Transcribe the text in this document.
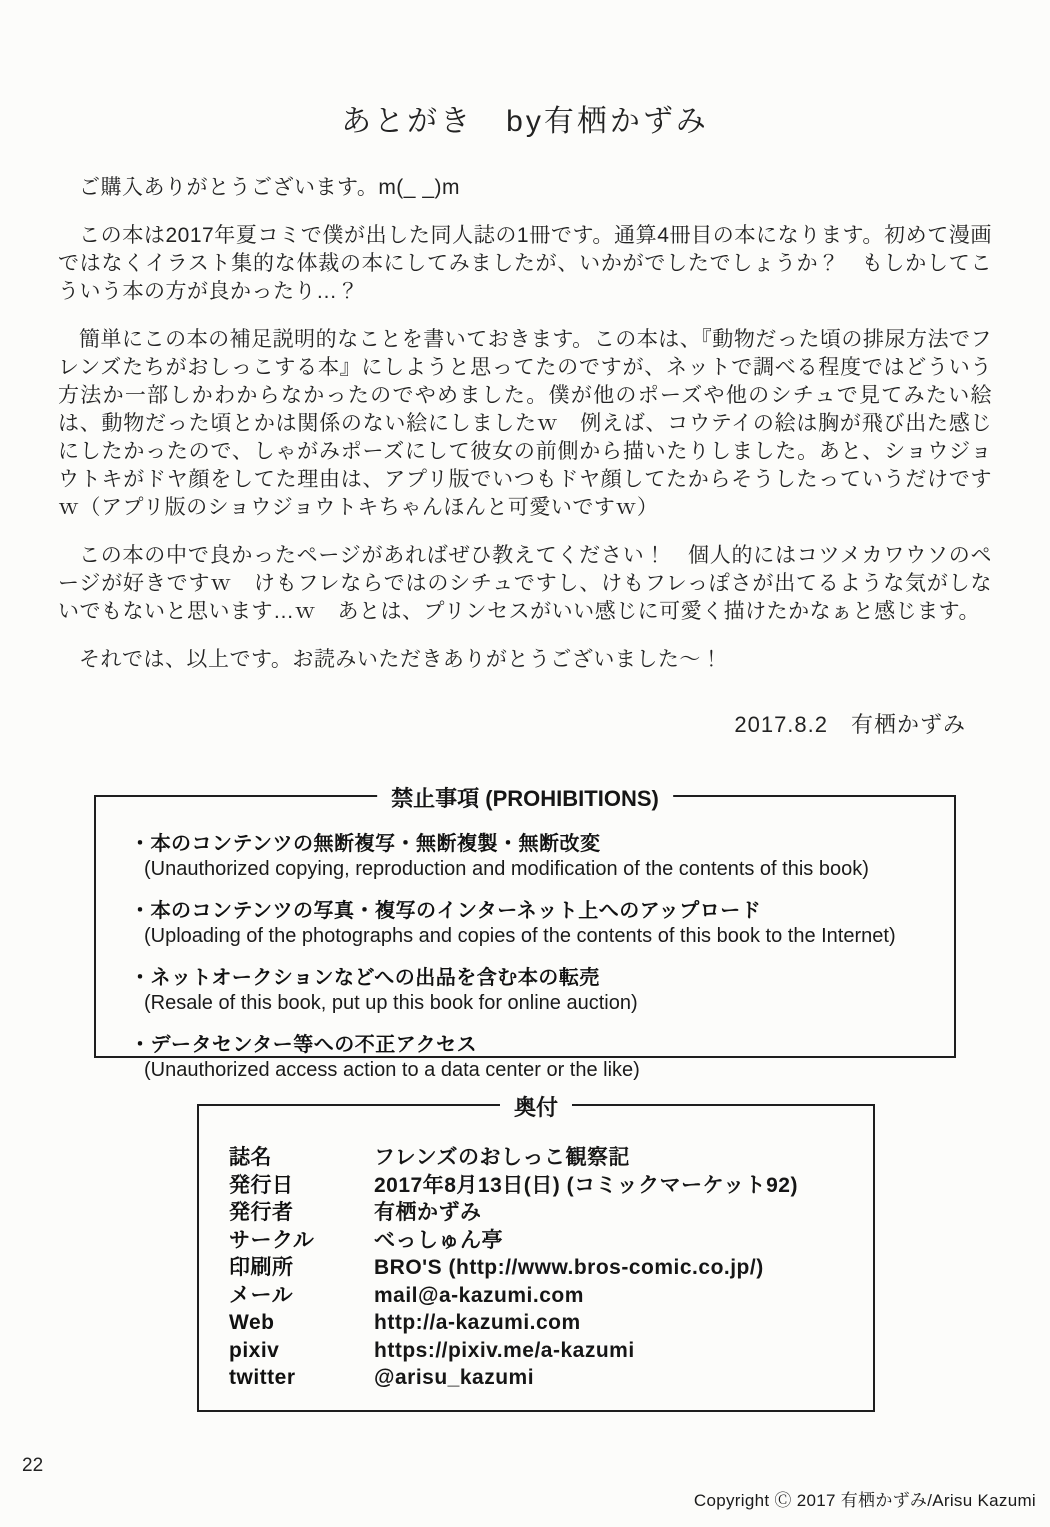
あとがき　by有栖かずみ

ご購入ありがとうございます。m(_ _)m

この本は2017年夏コミで僕が出した同人誌の1冊です。通算4冊目の本になります。初めて漫画ではなくイラスト集的な体裁の本にしてみましたが、いかがでしたでしょうか？　もしかしてこういう本の方が良かったり…？

簡単にこの本の補足説明的なことを書いておきます。この本は、『動物だった頃の排尿方法でフレンズたちがおしっこする本』にしようと思ってたのですが、ネットで調べる程度ではどういう方法か一部しかわからなかったのでやめました。僕が他のポーズや他のシチュで見てみたい絵は、動物だった頃とかは関係のない絵にしましたｗ　例えば、コウテイの絵は胸が飛び出た感じにしたかったので、しゃがみポーズにして彼女の前側から描いたりしました。あと、ショウジョウトキがドヤ顔をしてた理由は、アプリ版でいつもドヤ顔してたからそうしたっていうだけですｗ（アプリ版のショウジョウトキちゃんほんと可愛いですｗ）

この本の中で良かったページがあればぜひ教えてください！　個人的にはコツメカワウソのページが好きですｗ　けもフレならではのシチュですし、けもフレっぽさが出てるような気がしないでもないと思います…ｗ　あとは、プリンセスがいい感じに可愛く描けたかなぁと感じます。

それでは、以上です。お読みいただきありがとうございました～！

2017.8.2　有栖かずみ
禁止事項 (PROHIBITIONS)
・本のコンテンツの無断複写・無断複製・無断改変
(Unauthorized copying, reproduction and modification of the contents of this book)
・本のコンテンツの写真・複写のインターネット上へのアップロード
(Uploading of the photographs and copies of the contents of this book to the Internet)
・ネットオークションなどへの出品を含む本の転売
(Resale of this book, put up this book for online auction)
・データセンター等への不正アクセス
(Unauthorized access action to a data center or the like)
奥付
誌名	フレンズのおしっこ観察記
発行日	2017年8月13日(日) (コミックマーケット92)
発行者	有栖かずみ
サークル	べっしゅん亭
印刷所	BRO'S (http://www.bros-comic.co.jp/)
メール	mail@a-kazumi.com
Web	http://a-kazumi.com
pixiv	https://pixiv.me/a-kazumi
twitter	@arisu_kazumi
22
Copyright Ⓒ 2017 有栖かずみ/Arisu Kazumi
